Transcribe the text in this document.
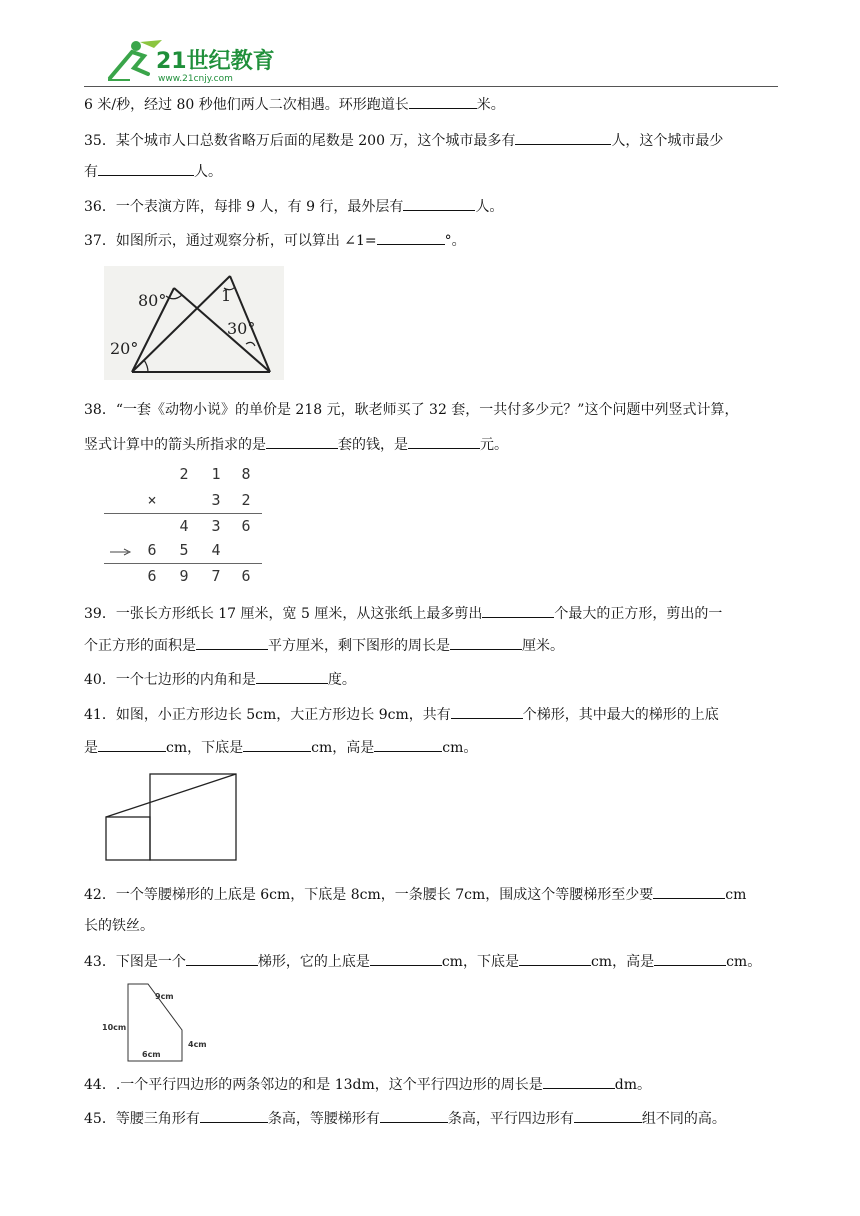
21世纪教育
www.21cnjy.com
6 米/秒，经过 80 秒他们两人二次相遇。环形跑道长	米。
35．某个城市人口总数省略万后面的尾数是 200 万，这个城市最多有	人，这个城市最少
有	人。
36．一个表演方阵，每排 9 人，有 9 行，最外层有	人。
37．如图所示，通过观察分析，可以算出 ∠1=	°。
80°	1
30°
20°
38．“一套《动物小说》的单价是 218 元，耿老师买了 32 套，一共付多少元？”这个问题中列竖式计算，
竖式计算中的箭头所指求的是	套的钱，是	元。
2	1	8
×	3	2
4	3	6
6	5	4
6	9	7	6
39．一张长方形纸长 17 厘米，宽 5 厘米，从这张纸上最多剪出	个最大的正方形，剪出的一
个正方形的面积是	平方厘米，剩下图形的周长是	厘米。
40．一个七边形的内角和是	度。
41．如图，小正方形边长 5cm，大正方形边长 9cm，共有	个梯形，其中最大的梯形的上底
是	cm，下底是	cm，高是	cm。
42．一个等腰梯形的上底是 6cm，下底是 8cm，一条腰长 7cm，围成这个等腰梯形至少要	cm
长的铁丝。
43．下图是一个	梯形，它的上底是	cm，下底是	cm，高是	cm。
9cm
10cm
4cm
6cm
44．.一个平行四边形的两条邻边的和是 13dm，这个平行四边形的周长是	dm。
45．等腰三角形有	条高，等腰梯形有	条高，平行四边形有	组不同的高。
